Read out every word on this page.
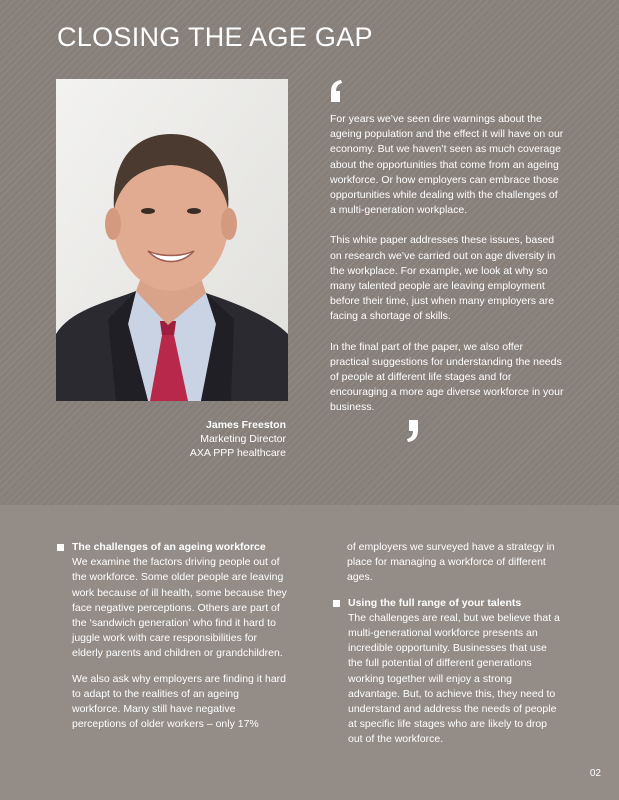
CLOSING THE AGE GAP
James Freeston
Marketing Director
AXA PPP healthcare

For years we’ve seen dire warnings about the ageing population and the effect it will have on our economy. But we haven’t seen as much coverage about the opportunities that come from an ageing workforce. Or how employers can embrace those opportunities while dealing with the challenges of a multi-generation workplace.

This white paper addresses these issues, based on research we’ve carried out on age diversity in the workplace. For example, we look at why so many talented people are leaving employment before their time, just when many employers are facing a shortage of skills.

In the final part of the paper, we also offer practical suggestions for understanding the needs of people at different life stages and for encouraging a more age diverse workforce in your business.

The challenges of an ageing workforce

We examine the factors driving people out of the workforce. Some older people are leaving work because of ill health, some because they face negative perceptions. Others are part of the ‘sandwich generation’ who find it hard to juggle work with care responsibilities for elderly parents and children or grandchildren.

We also ask why employers are finding it hard to adapt to the realities of an ageing workforce. Many still have negative perceptions of older workers – only 17%

of employers we surveyed have a strategy in place for managing a workforce of different ages.

Using the full range of your talents

The challenges are real, but we believe that a multi-generational workforce presents an incredible opportunity. Businesses that use the full potential of different generations working together will enjoy a strong advantage. But, to achieve this, they need to understand and address the needs of people at specific life stages who are likely to drop out of the workforce.

02
